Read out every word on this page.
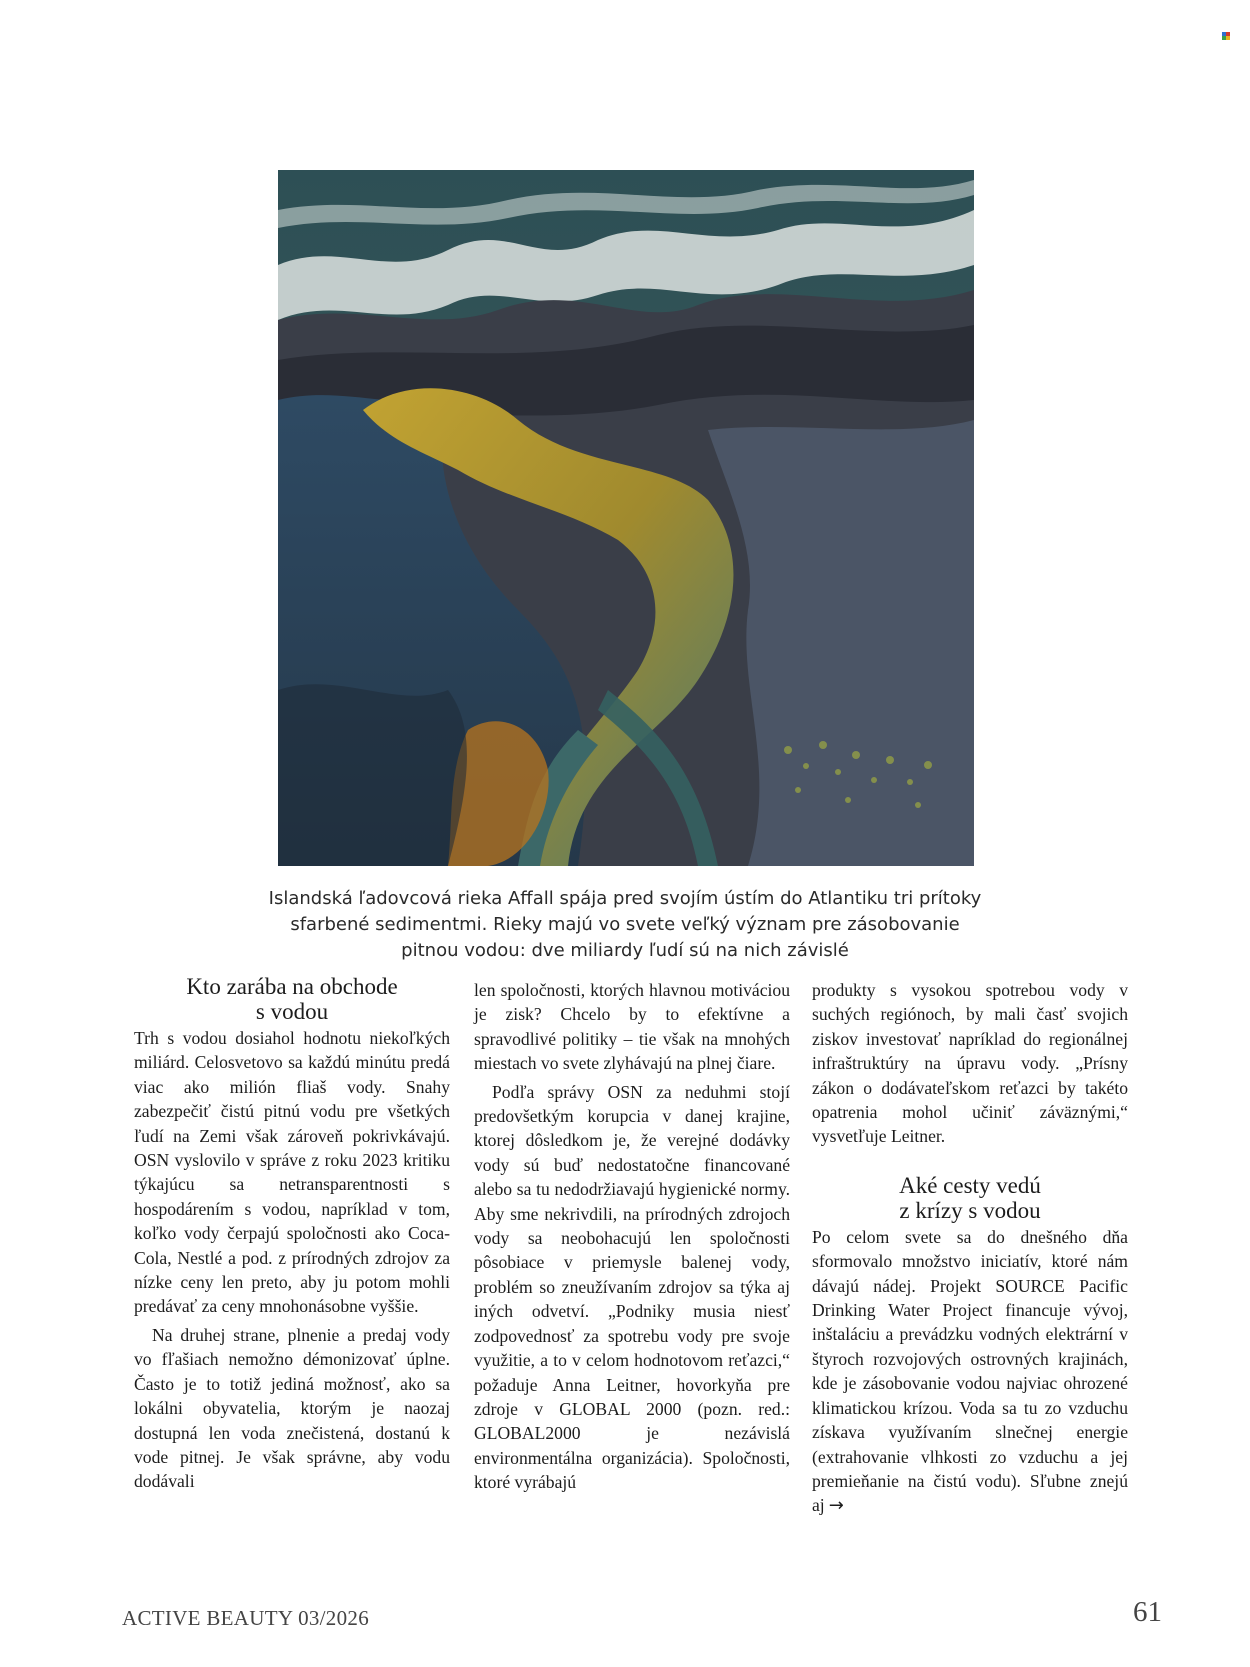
Islandská ľadovcová rieka Affall spája pred svojím ústím do Atlantiku tri prítoky
sfarbené sedimentmi. Rieky majú vo svete veľký význam pre zásobovanie
pitnou vodou: dve miliardy ľudí sú na nich závislé
Kto zarába na obchode
s vodou

Trh s vodou dosiahol hodnotu niekoľkých miliárd. Celosvetovo sa každú minútu predá viac ako milión fliaš vody. Snahy zabezpečiť čistú pitnú vodu pre všetkých ľudí na Zemi však zároveň pokrivkávajú. OSN vyslovilo v správe z roku 2023 kritiku týkajúcu sa netransparentnosti s hospodárením s vodou, napríklad v tom, koľko vody čerpajú spoločnosti ako Coca-Cola, Nestlé a pod. z prírodných zdrojov za nízke ceny len preto, aby ju potom mohli predávať za ceny mnohonásobne vyššie.

Na druhej strane, plnenie a predaj vody vo fľašiach nemožno démonizovať úplne. Často je to totiž jediná možnosť, ako sa lokálni obyvatelia, ktorým je naozaj dostupná len voda znečistená, dostanú k vode pitnej. Je však správne, aby vodu dodávali

len spoločnosti, ktorých hlavnou motiváciou je zisk? Chcelo by to efektívne a spravodlivé politiky – tie však na mnohých miestach vo svete zlyhávajú na plnej čiare.

Podľa správy OSN za neduhmi stojí predovšetkým korupcia v danej krajine, ktorej dôsledkom je, že verejné dodávky vody sú buď nedostatočne financované alebo sa tu nedodržiavajú hygienické normy. Aby sme nekrivdili, na prírodných zdrojoch vody sa neobohacujú len spoločnosti pôsobiace v priemysle balenej vody, problém so zneužívaním zdrojov sa týka aj iných odvetví. „Podniky musia niesť zodpovednosť za spotrebu vody pre svoje využitie, a to v celom hodnotovom reťazci,“ požaduje Anna Leitner, hovorkyňa pre zdroje v GLOBAL 2000 (pozn. red.: GLOBAL2000 je nezávislá environmentálna organizácia). Spoločnosti, ktoré vyrábajú

produkty s vysokou spotrebou vody v suchých regiónoch, by mali časť svojich ziskov investovať napríklad do regionálnej infraštruktúry na úpravu vody. „Prísny zákon o dodávateľskom reťazci by takéto opatrenia mohol učiniť záväznými,“ vysvetľuje Leitner.

Aké cesty vedú
z krízy s vodou

Po celom svete sa do dnešného dňa sformovalo množstvo iniciatív, ktoré nám dávajú nádej. Projekt SOURCE Pacific Drinking Water Project financuje vývoj, inštaláciu a prevádzku vodných elektrární v štyroch rozvojových ostrovných krajinách, kde je zásobovanie vodou najviac ohrozené klimatickou krízou. Voda sa tu zo vzduchu získava využívaním slnečnej energie (extrahovanie vlhkosti zo vzduchu a jej premieňanie na čistú vodu). Sľubne znejú aj →

ACTIVE BEAUTY 03/2026	61
